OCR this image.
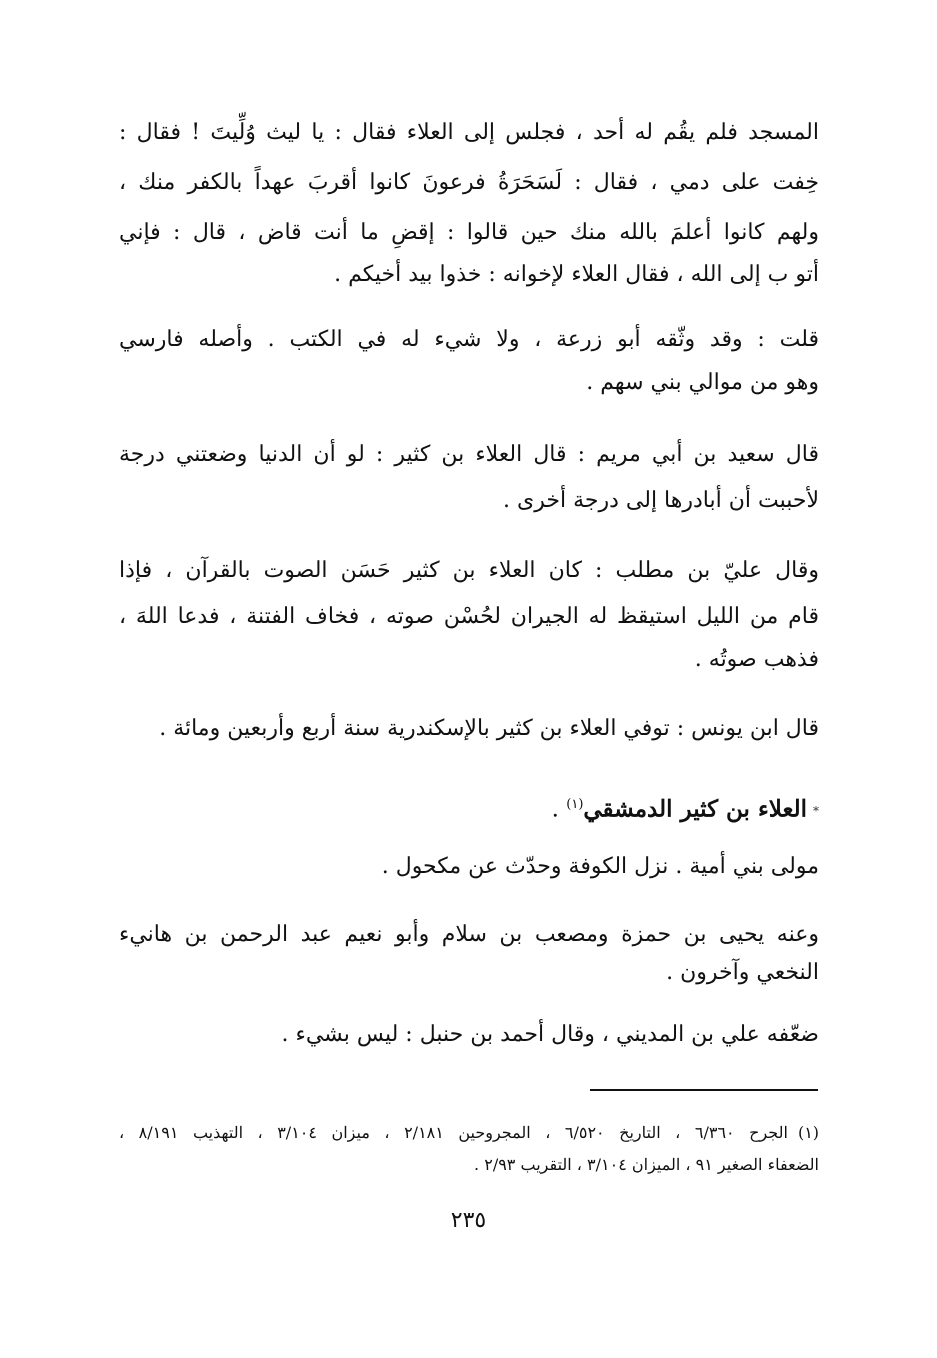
المسجد فلم يقُم له أحد ، فجلس إلى العلاء فقال : يا ليث وُلِّيتَ ! فقال :
خِفت على دمي ، فقال : لَسَحَرَةُ فرعونَ كانوا أقربَ عهداً بالكفر منك ،
ولهم كانوا أعلمَ بالله منك حين قالوا : إقضِ ما أنت قاض ، قال : فإني
أتو ب إلى الله ، فقال العلاء لإخوانه : خذوا بيد أخيكم .
قلت : وقد وثّقه أبو زرعة ، ولا شيء له في الكتب . وأصله فارسي
وهو من موالي بني سهم .
قال سعيد بن أبي مريم : قال العلاء بن كثير : لو أن الدنيا وضعتني درجة
لأحببت أن أبادرها إلى درجة أخرى .
وقال عليّ بن مطلب : كان العلاء بن كثير حَسَن الصوت بالقرآن ، فإذا
قام من الليل استيقظ له الجيران لحُسْن صوته ، فخاف الفتنة ، فدعا اللهَ ،
فذهب صوتُه .
قال ابن يونس : توفي العلاء بن كثير بالإسكندرية سنة أربع وأربعين ومائة .
*العلاء بن كثير الدمشقي$^{(١)}$ .
مولى بني أمية . نزل الكوفة وحدّث عن مكحول .
وعنه يحيى بن حمزة ومصعب بن سلام وأبو نعيم عبد الرحمن بن هانيء
النخعي وآخرون .
ضعّفه علي بن المديني ، وقال أحمد بن حنبل : ليس بشيء .
(١)الجرح ٦/٣٦٠ ، التاريخ ٦/٥٢٠ ، المجروحين ٢/١٨١ ، ميزان ٣/١٠٤ ، التهذيب ٨/١٩١ ،
الضعفاء الصغير ٩١ ، الميزان ٣/١٠٤ ، التقريب ٢/٩٣ .
٢٣٥
